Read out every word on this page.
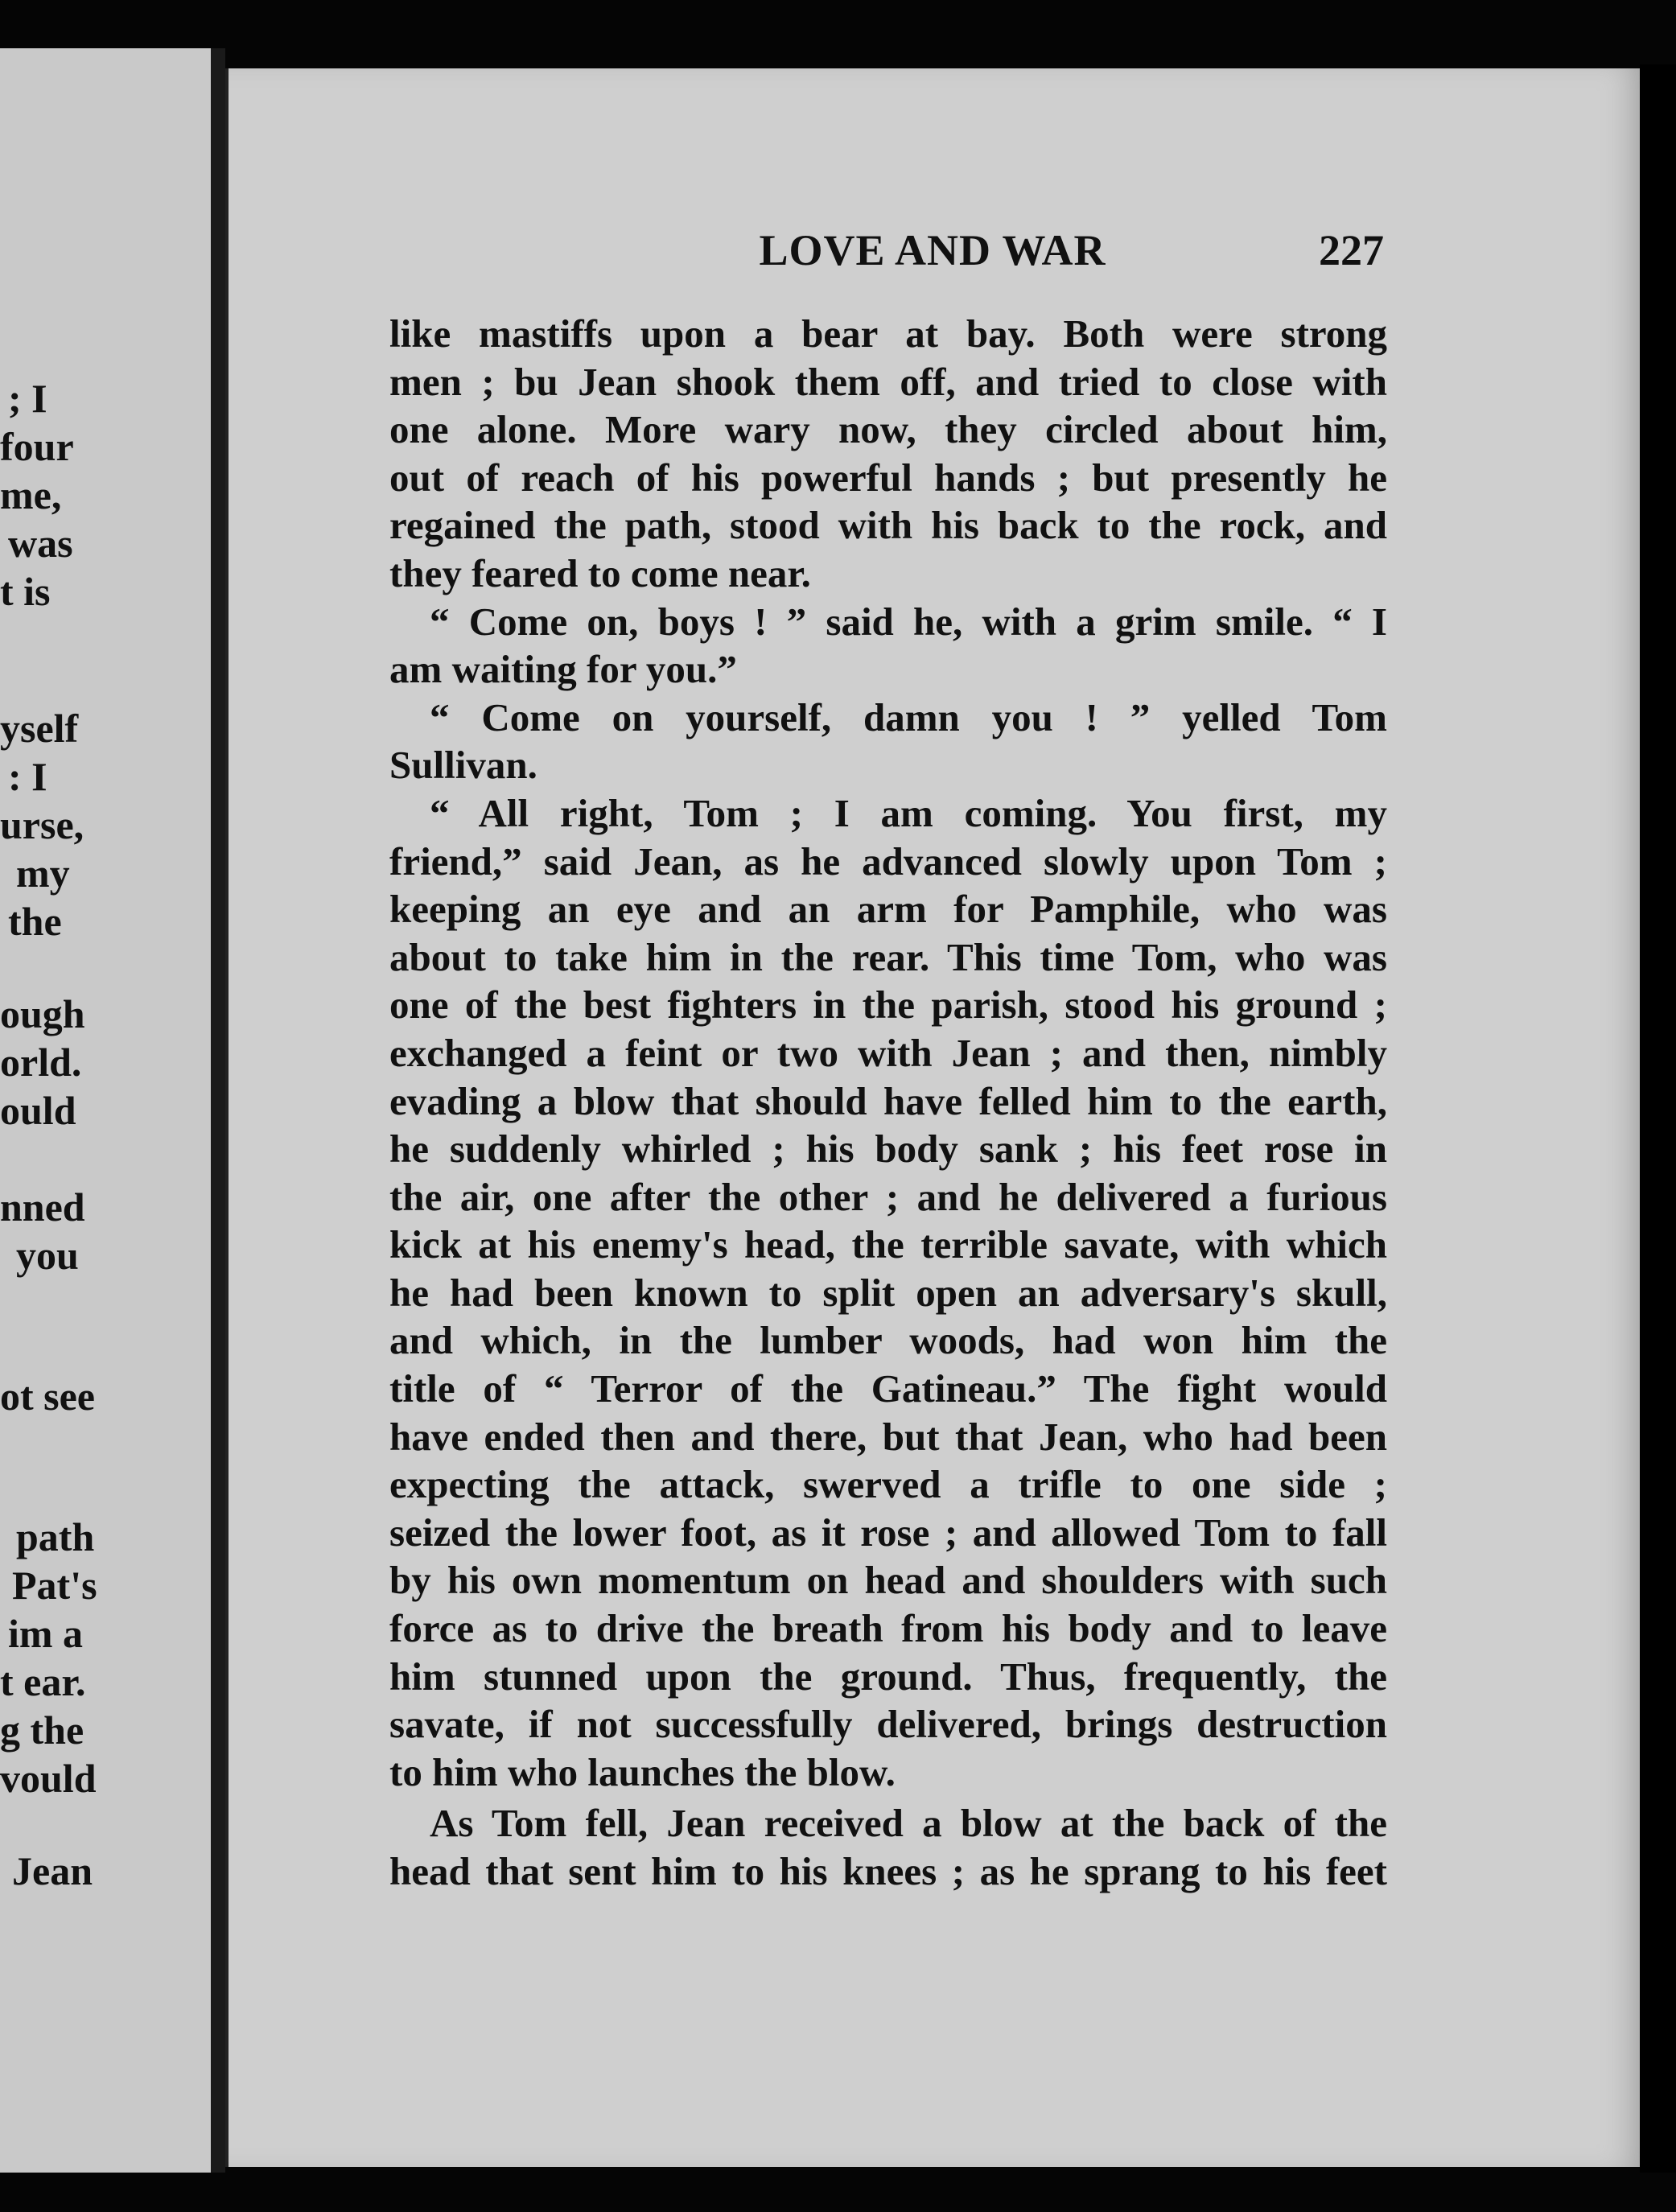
; I
four
me,
was
t is
yself
: I
urse,
my
the
ough
orld.
ould
nned
you
ot see
path
Pat's
im a
t ear.
g the
vould
Jean
LOVE AND WAR	227
like mastiffs upon a bear at bay. Both were strong
men ; bu Jean shook them off, and tried to close with
one alone. More wary now, they circled about him,
out of reach of his powerful hands ; but presently he
regained the path, stood with his back to the rock, and
they feared to come near.
“ Come on, boys ! ” said he, with a grim smile. “ I
am waiting for you.”
“ Come on yourself, damn you ! ” yelled Tom
Sullivan.
“ All right, Tom ; I am coming. You first, my
friend,” said Jean, as he advanced slowly upon Tom ;
keeping an eye and an arm for Pamphile, who was
about to take him in the rear. This time Tom, who was
one of the best fighters in the parish, stood his ground ;
exchanged a feint or two with Jean ; and then, nimbly
evading a blow that should have felled him to the earth,
he suddenly whirled ; his body sank ; his feet rose in
the air, one after the other ; and he delivered a furious
kick at his enemy's head, the terrible savate, with which
he had been known to split open an adversary's skull,
and which, in the lumber woods, had won him the
title of “ Terror of the Gatineau.” The fight would
have ended then and there, but that Jean, who had been
expecting the attack, swerved a trifle to one side ;
seized the lower foot, as it rose ; and allowed Tom to fall
by his own momentum on head and shoulders with such
force as to drive the breath from his body and to leave
him stunned upon the ground. Thus, frequently, the
savate, if not successfully delivered, brings destruction
to him who launches the blow.
As Tom fell, Jean received a blow at the back of the
head that sent him to his knees ; as he sprang to his feet
